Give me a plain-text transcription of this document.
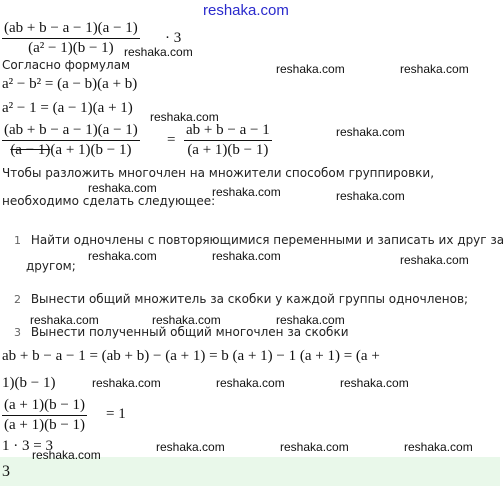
reshaka.com
$\frac{(ab + b - a - 1)(a - 1)}{\text{(a² − 1)(b − 1)}} \cdot 3$
Согласно формулам
a² − b² = (a − b)(a + b)
a² − 1 = (a − 1)(a + 1)
$\frac{(ab + b - a - 1)(a - 1)}{(a - 1)(a + 1)(b - 1)} = \frac{ab + b - a - 1}{(a + 1)(b - 1)}$
Чтобы разложить многочлен на множители способом группировки,
необходимо сделать следующее:
1 Найти одночлены с повторяющимися переменными и записать их друг за
другом;
2 Вынести общий множитель за скобки у каждой группы одночленов;
3 Вынести полученный общий многочлен за скобки
ab + b − a − 1 = (ab + b) − (a + 1) = b (a + 1) − 1 (a + 1) = (a +
1)(b − 1)
$\frac{(a + 1)(b - 1)}{(a + 1)(b - 1)} = 1$
1 · 3 = 3
3
reshaka.com
reshaka.com	reshaka.com
reshaka.com
reshaka.com
reshaka.com	reshaka.com	reshaka.com
reshaka.com	reshaka.com	reshaka.com
reshaka.com	reshaka.com	reshaka.com
reshaka.com	reshaka.com	reshaka.com
reshaka.com	reshaka.com	reshaka.com
reshaka.com
